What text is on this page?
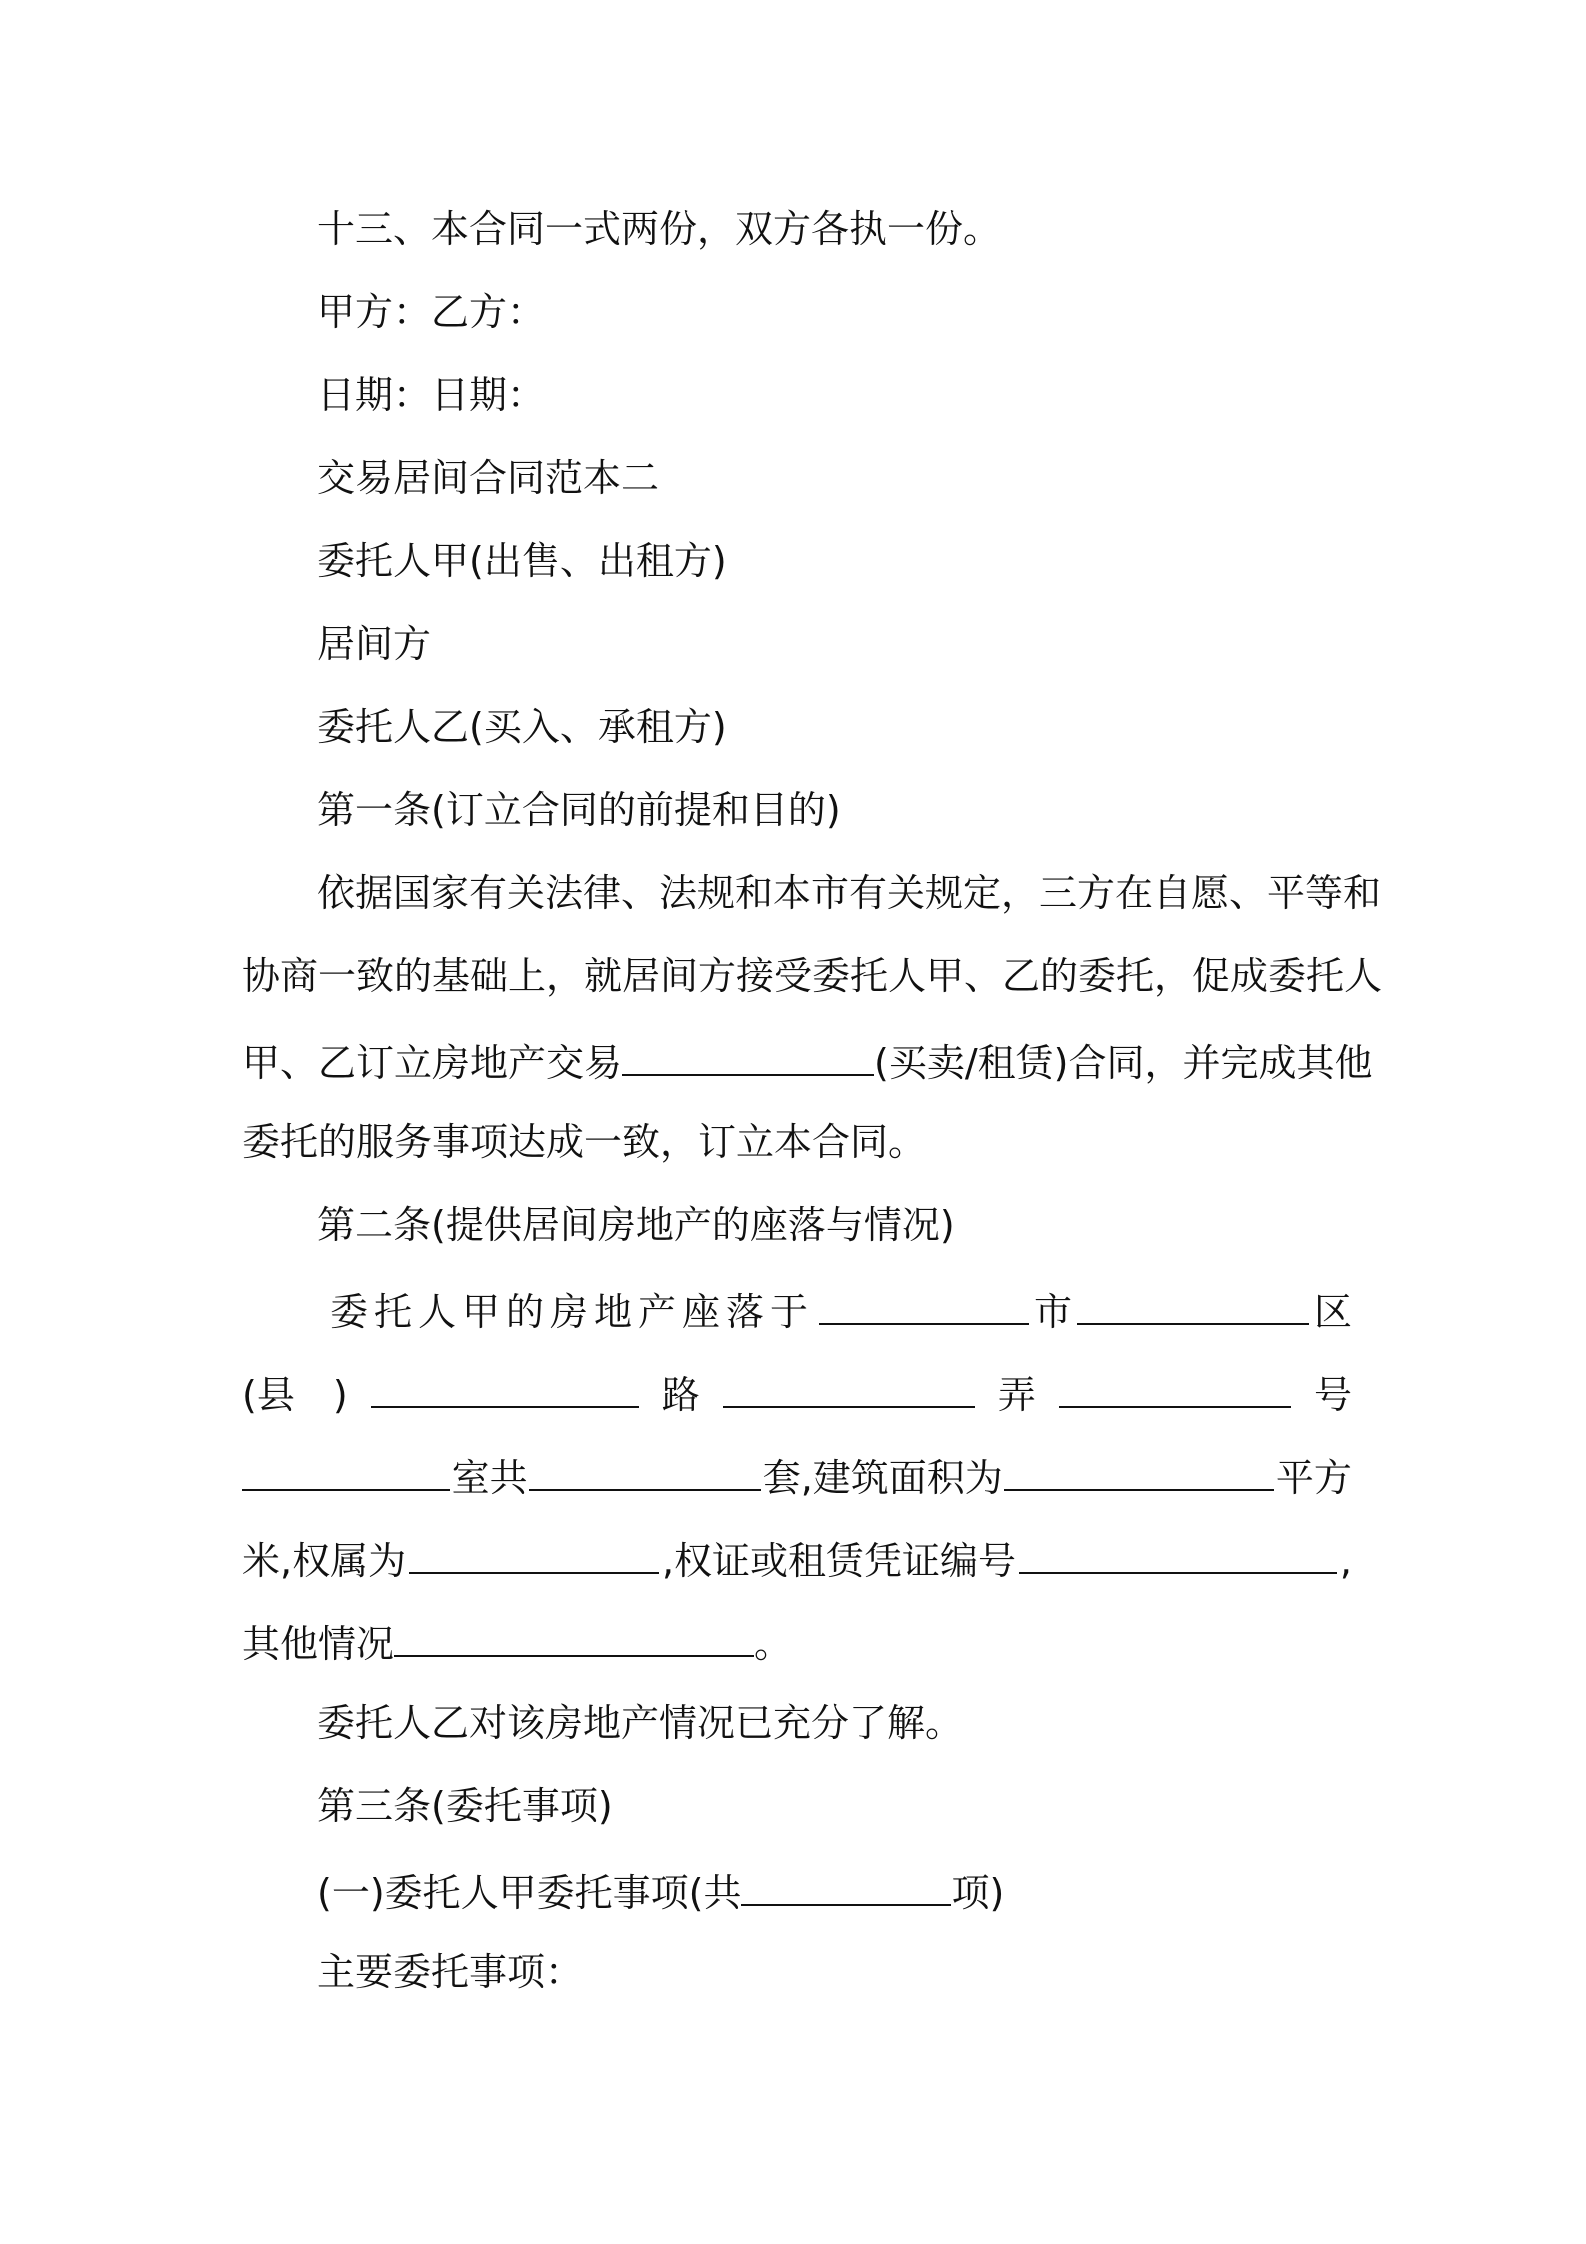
十三、本合同一式两份，双方各执一份。
甲方：乙方：
日期：日期：
交易居间合同范本二
委托人甲(出售、出租方)
居间方
委托人乙(买入、承租方)
第一条(订立合同的前提和目的)
依据国家有关法律、法规和本市有关规定，三方在自愿、平等和
协商一致的基础上，就居间方接受委托人甲、乙的委托，促成委托人
甲、乙订立房地产交易	(买卖/租赁)合同，并完成其他
委托的服务事项达成一致，订立本合同。
第二条(提供居间房地产的座落与情况)
委托人甲的房地产座落于	市	区
(县　)	路	弄	号
室共	套,建筑面积为	平方
米,权属为	,权证或租赁凭证编号	,
其他情况	。
委托人乙对该房地产情况已充分了解。
第三条(委托事项)
(一)委托人甲委托事项(共	项)
主要委托事项：
